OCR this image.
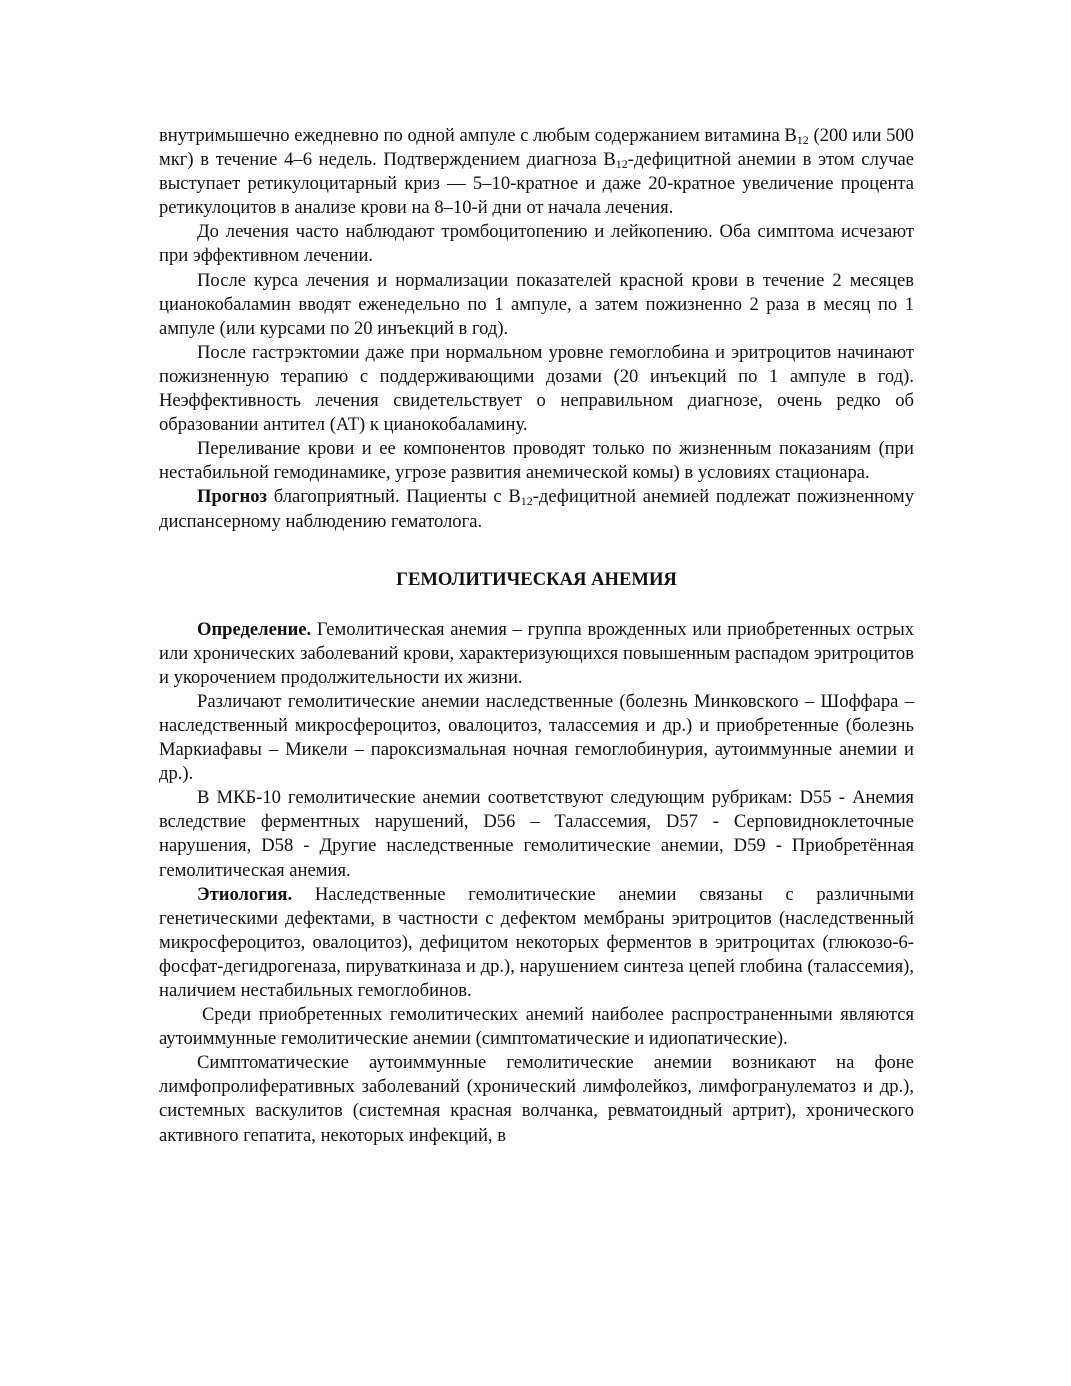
внутримышечно ежедневно по одной ампуле с любым содержанием витамина $B_{12}$ (200 или 500 мкг) в течение 4–6 недель. Подтверждением диагноза $B_{12}$-дефицитной анемии в этом случае выступает ретикулоцитарный криз — 5–10-кратное и даже 20-кратное увеличение процента ретикулоцитов в анализе крови на 8–10-й дни от начала лечения.

До лечения часто наблюдают тромбоцитопению и лейкопению. Оба симптома исчезают при эффективном лечении.

После курса лечения и нормализации показателей красной крови в течение 2 месяцев цианокобаламин вводят еженедельно по 1 ампуле, а затем пожизненно 2 раза в месяц по 1 ампуле (или курсами по 20 инъекций в год).

После гастрэктомии даже при нормальном уровне гемоглобина и эритроцитов начинают пожизненную терапию с поддерживающими дозами (20 инъекций по 1 ампуле в год). Неэффективность лечения свидетельствует о неправильном диагнозе, очень редко об образовании антител (АТ) к цианокобаламину.

Переливание крови и ее компонентов проводят только по жизненным показаниям (при нестабильной гемодинамике, угрозе развития анемической комы) в условиях стационара.

Прогноз благоприятный. Пациенты с $B_{12}$-дефицитной анемией подлежат пожизненному диспансерному наблюдению гематолога.

ГЕМОЛИТИЧЕСКАЯ АНЕМИЯ

Определение. Гемолитическая анемия – группа врожденных или приобретенных острых или хронических заболеваний крови, характеризующихся повышенным распадом эритроцитов и укорочением продолжительности их жизни.

Различают гемолитические анемии наследственные (болезнь Минковского – Шоффара – наследственный микросфероцитоз, овалоцитоз, талассемия и др.) и приобретенные (болезнь Маркиафавы – Микели – пароксизмальная ночная гемоглобинурия, аутоиммунные анемии и др.).

В МКБ-10 гемолитические анемии соответствуют следующим рубрикам: D55 - Анемия вследствие ферментных нарушений, D56 – Талассемия, D57 - Серповидноклеточные нарушения, D58 - Другие наследственные гемолитические анемии, D59 - Приобретённая гемолитическая анемия.

Этиология. Наследственные гемолитические анемии связаны с различными генетическими дефектами, в частности с дефектом мембраны эритроцитов (наследственный микросфероцитоз, овалоцитоз), дефицитом некоторых ферментов в эритроцитах (глюкозо-6-фосфат-дегидрогеназа, пируваткиназа и др.), нарушением синтеза цепей глобина (талассемия), наличием нестабильных гемоглобинов.

Среди приобретенных гемолитических анемий наиболее распространенными являются аутоиммунные гемолитические анемии (симптоматические и идиопатические).

Симптоматические аутоиммунные гемолитические анемии возникают на фоне лимфопролиферативных заболеваний (хронический лимфолейкоз, лимфогранулематоз и др.), системных васкулитов (системная красная волчанка, ревматоидный артрит), хронического активного гепатита, некоторых инфекций, в
